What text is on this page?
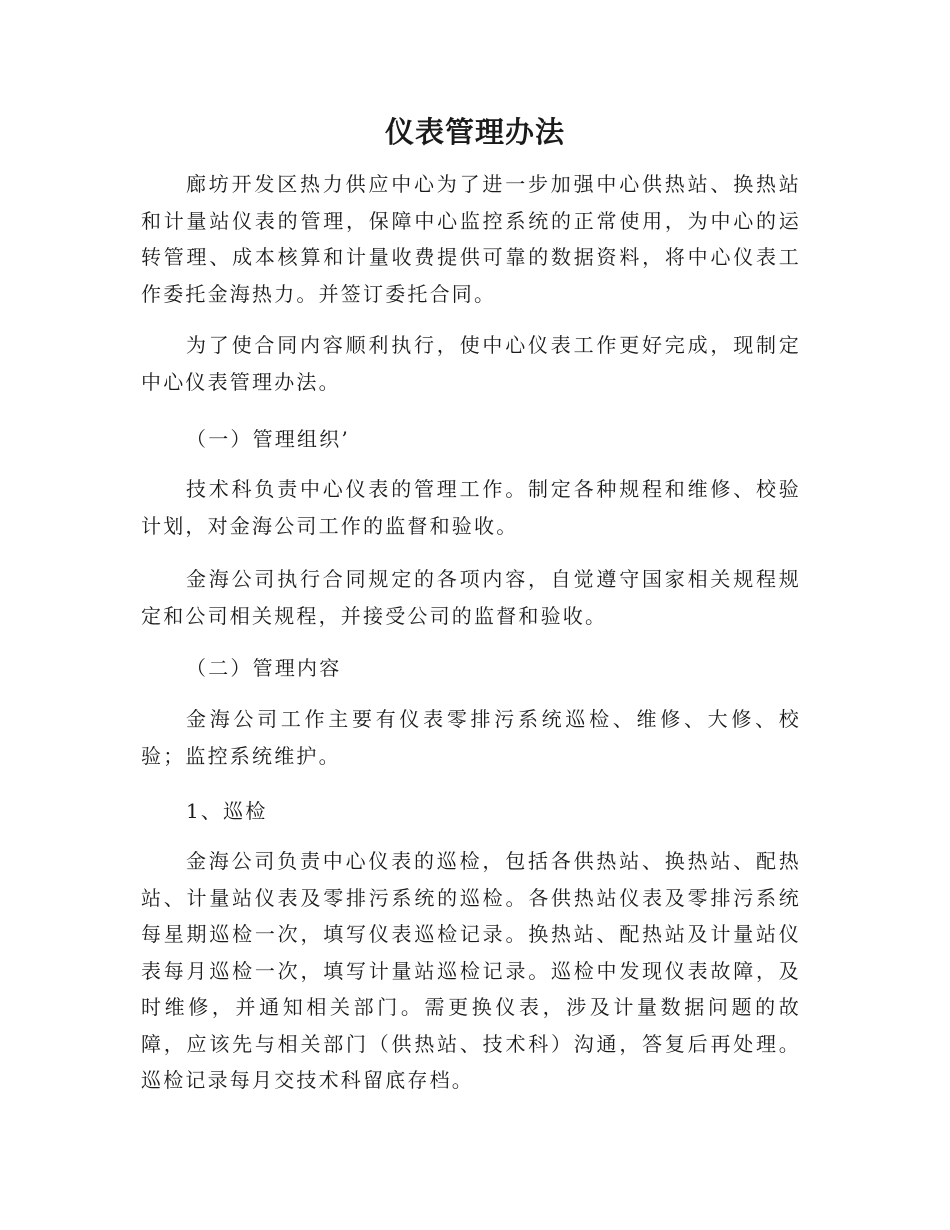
仪表管理办法
廊坊开发区热力供应中心为了进一步加强中心供热站、换热站和计量站仪表的管理，保障中心监控系统的正常使用，为中心的运转管理、成本核算和计量收费提供可靠的数据资料，将中心仪表工作委托金海热力。并签订委托合同。
为了使合同内容顺利执行，使中心仪表工作更好完成，现制定中心仪表管理办法。
（一）管理组织’
技术科负责中心仪表的管理工作。制定各种规程和维修、校验计划，对金海公司工作的监督和验收。
金海公司执行合同规定的各项内容，自觉遵守国家相关规程规定和公司相关规程，并接受公司的监督和验收。
（二）管理内容
金海公司工作主要有仪表零排污系统巡检、维修、大修、校验；监控系统维护。
1、巡检
金海公司负责中心仪表的巡检，包括各供热站、换热站、配热站、计量站仪表及零排污系统的巡检。各供热站仪表及零排污系统每星期巡检一次，填写仪表巡检记录。换热站、配热站及计量站仪表每月巡检一次，填写计量站巡检记录。巡检中发现仪表故障，及时维修，并通知相关部门。需更换仪表，涉及计量数据问题的故障，应该先与相关部门（供热站、技术科）沟通，答复后再处理。巡检记录每月交技术科留底存档。
